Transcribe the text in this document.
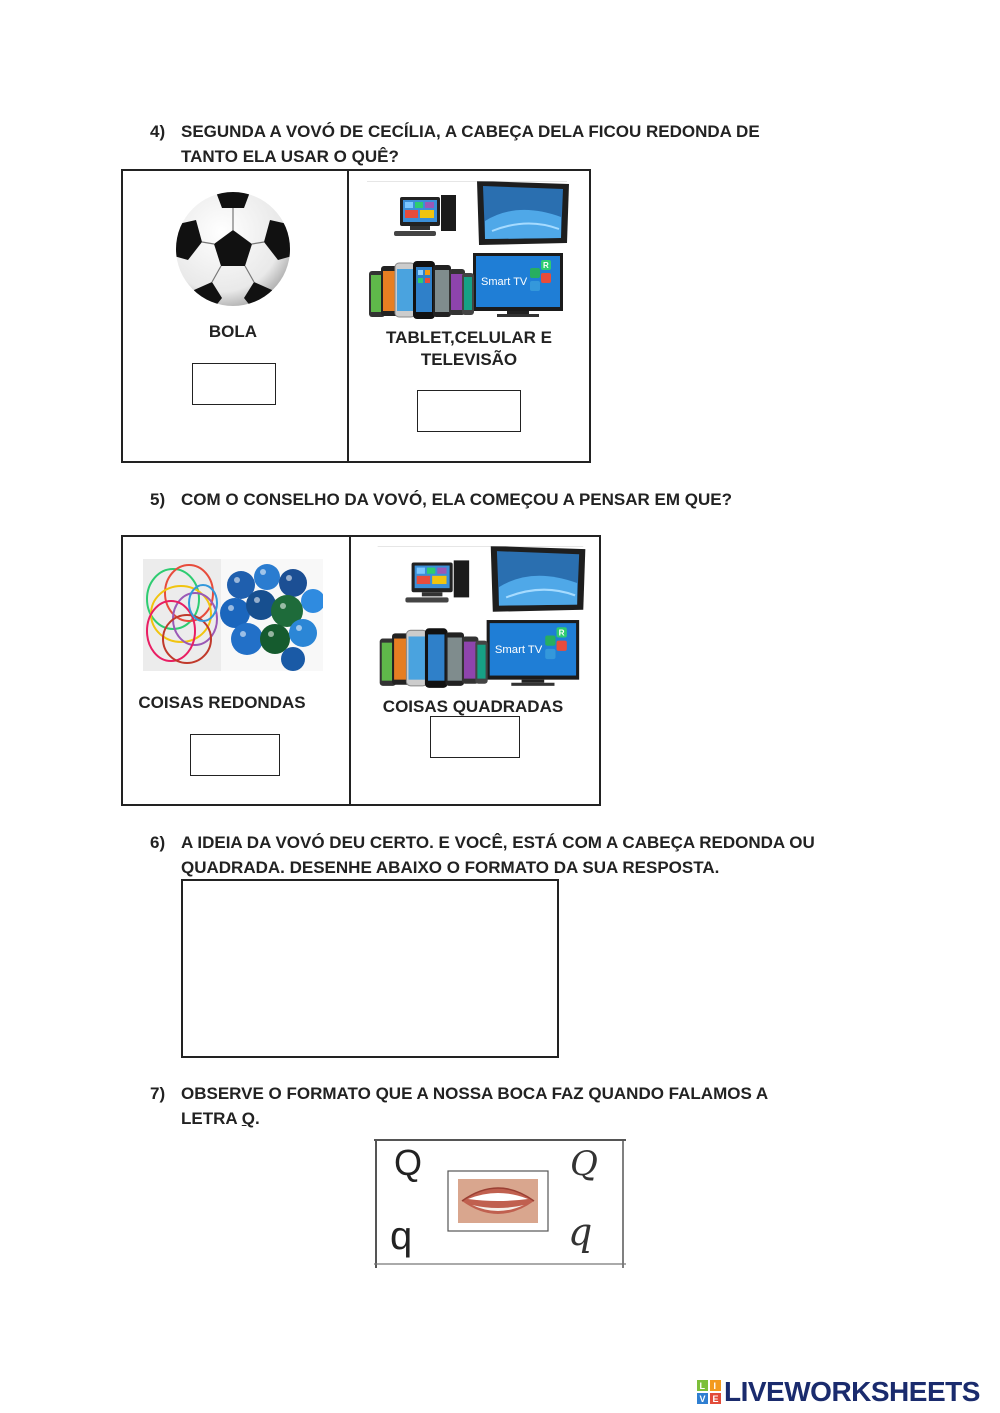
4) SEGUNDA A VOVÓ DE CECÍLIA, A CABEÇA DELA FICOU REDONDA DE
TANTO ELA USAR O QUÊ?
BOLA
Smart TV
R
TABLET,CELULAR E
TELEVISÃO
5) COM O CONSELHO DA VOVÓ, ELA COMEÇOU A PENSAR EM QUE?
COISAS REDONDAS
Smart TV
R
COISAS QUADRADAS
6) A IDEIA DA VOVÓ DEU CERTO. E VOCÊ, ESTÁ COM A CABEÇA REDONDA OU
QUADRADA. DESENHE ABAIXO O FORMATO DA SUA RESPOSTA.
7) OBSERVE O FORMATO QUE A NOSSA BOCA FAZ QUANDO FALAMOS A
LETRA Q.
Q
q
Q
q
L I
V E LIVEWORKSHEETS
